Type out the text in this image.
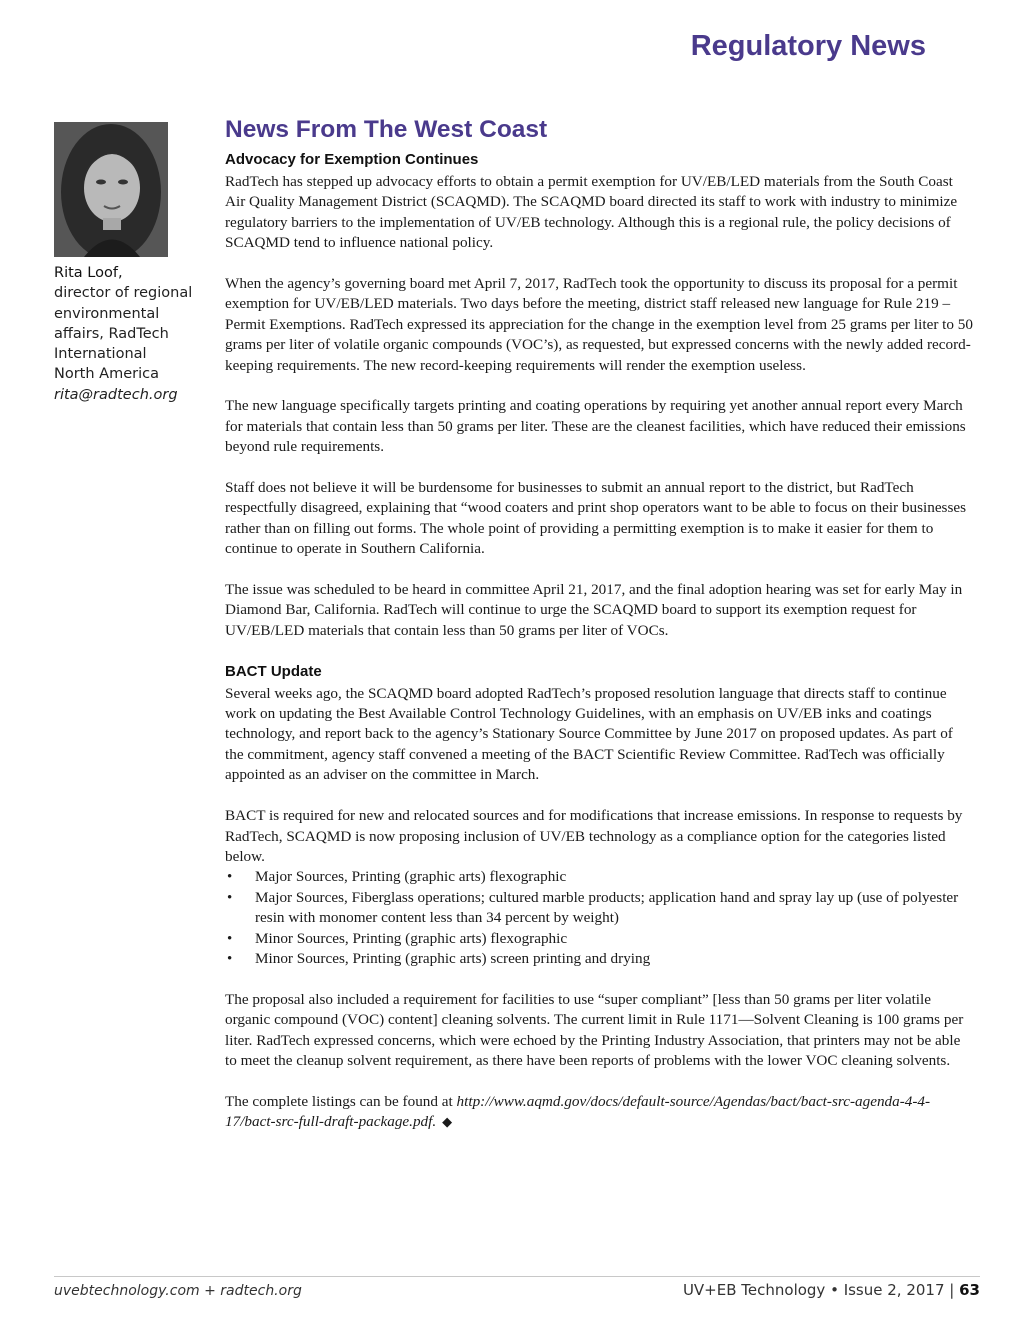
Regulatory News
Rita Loof,
director of regional
environmental
affairs, RadTech
International
North America
rita@radtech.org
News From The West Coast
Advocacy for Exemption Continues

RadTech has stepped up advocacy efforts to obtain a permit exemption for UV/EB/LED materials from the South Coast Air Quality Management District (SCAQMD). The SCAQMD board directed its staff to work with industry to minimize regulatory barriers to the implementation of UV/EB technology. Although this is a regional rule, the policy decisions of SCAQMD tend to influence national policy.

When the agency’s governing board met April 7, 2017, RadTech took the opportunity to discuss its proposal for a permit exemption for UV/EB/LED materials. Two days before the meeting, district staff released new language for Rule 219 – Permit Exemptions. RadTech expressed its appreciation for the change in the exemption level from 25 grams per liter to 50 grams per liter of volatile organic compounds (VOC’s), as requested, but expressed concerns with the newly added record-keeping requirements. The new record-keeping requirements will render the exemption useless.

The new language specifically targets printing and coating operations by requiring yet another annual report every March for materials that contain less than 50 grams per liter. These are the cleanest facilities, which have reduced their emissions beyond rule requirements.

Staff does not believe it will be burdensome for businesses to submit an annual report to the district, but RadTech respectfully disagreed, explaining that “wood coaters and print shop operators want to be able to focus on their businesses rather than on filling out forms. The whole point of providing a permitting exemption is to make it easier for them to continue to operate in Southern California.

The issue was scheduled to be heard in committee April 21, 2017, and the final adoption hearing was set for early May in Diamond Bar, California. RadTech will continue to urge the SCAQMD board to support its exemption request for UV/EB/LED materials that contain less than 50 grams per liter of VOCs.

BACT Update

Several weeks ago, the SCAQMD board adopted RadTech’s proposed resolution language that directs staff to continue work on updating the Best Available Control Technology Guidelines, with an emphasis on UV/EB inks and coatings technology, and report back to the agency’s Stationary Source Committee by June 2017 on proposed updates. As part of the commitment, agency staff convened a meeting of the BACT Scientific Review Committee. RadTech was officially appointed as an adviser on the committee in March.

BACT is required for new and relocated sources and for modifications that increase emissions. In response to requests by RadTech, SCAQMD is now proposing inclusion of UV/EB technology as a compliance option for the categories listed below.

• Major Sources, Printing (graphic arts) flexographic
• Major Sources, Fiberglass operations; cultured marble products; application hand and spray lay up (use of polyester resin with monomer content less than 34 percent by weight)
• Minor Sources, Printing (graphic arts) flexographic
• Minor Sources, Printing (graphic arts) screen printing and drying

The proposal also included a requirement for facilities to use “super compliant” [less than 50 grams per liter volatile organic compound (VOC) content] cleaning solvents. The current limit in Rule 1171—Solvent Cleaning is 100 grams per liter. RadTech expressed concerns, which were echoed by the Printing Industry Association, that printers may not be able to meet the cleanup solvent requirement, as there have been reports of problems with the lower VOC cleaning solvents.

The complete listings can be found at http://www.aqmd.gov/docs/default-source/Agendas/bact/bact-src-agenda-4-4-17/bact-src-full-draft-package.pdf. ◆

uvebtechnology.com + radtech.org	UV+EB Technology • Issue 2, 2017 | 63
